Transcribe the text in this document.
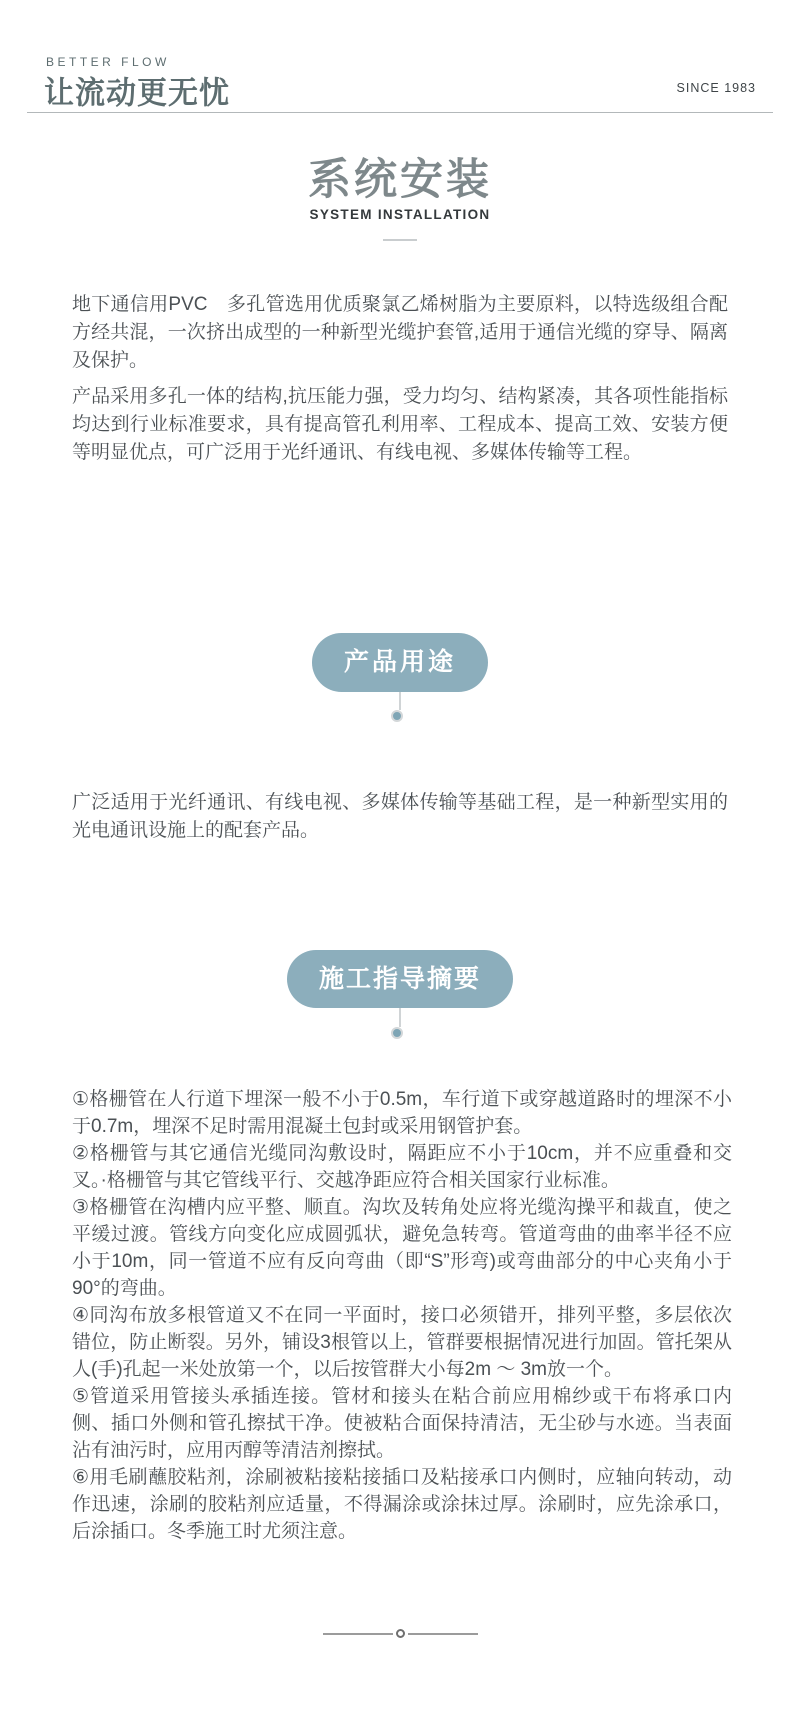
BETTER FLOW
让流动更无忧	SINCE 1983
系统安装
SYSTEM INSTALLATION

地下通信用PVC　多孔管选用优质聚氯乙烯树脂为主要原料，以特选级组合配方经共混，一次挤出成型的一种新型光缆护套管,适用于通信光缆的穿导、隔离及保护。

产品采用多孔一体的结构,抗压能力强，受力均匀、结构紧凑，其各项性能指标均达到行业标准要求，具有提高管孔利用率、工程成本、提高工效、安装方便等明显优点，可广泛用于光纤通讯、有线电视、多媒体传输等工程。

产品用途

广泛适用于光纤通讯、有线电视、多媒体传输等基础工程，是一种新型实用的光电通讯设施上的配套产品。

施工指导摘要
①格栅管在人行道下埋深一般不小于0.5m，车行道下或穿越道路时的埋深不小于0.7m，埋深不足时需用混凝土包封或采用钢管护套。
②格栅管与其它通信光缆同沟敷设时，隔距应不小于10cm，并不应重叠和交叉。·格栅管与其它管线平行、交越净距应符合相关国家行业标准。
③格栅管在沟槽内应平整、顺直。沟坎及转角处应将光缆沟操平和裁直，使之平缓过渡。管线方向变化应成圆弧状，避免急转弯。管道弯曲的曲率半径不应小于10m，同一管道不应有反向弯曲（即“S”形弯)或弯曲部分的中心夹角小于90°的弯曲。
④同沟布放多根管道又不在同一平面时，接口必须错开，排列平整，多层依次错位，防止断裂。另外，铺设3根管以上，管群要根据情况进行加固。管托架从人(手)孔起一米处放第一个，以后按管群大小每2m ～ 3m放一个。
⑤管道采用管接头承插连接。管材和接头在粘合前应用棉纱或干布将承口内侧、插口外侧和管孔擦拭干净。使被粘合面保持清洁，无尘砂与水迹。当表面沾有油污时，应用丙醇等清洁剂擦拭。
⑥用毛刷蘸胶粘剂，涂刷被粘接粘接插口及粘接承口内侧时，应轴向转动，动作迅速，涂刷的胶粘剂应适量，不得漏涂或涂抹过厚。涂刷时，应先涂承口，后涂插口。冬季施工时尤须注意。
